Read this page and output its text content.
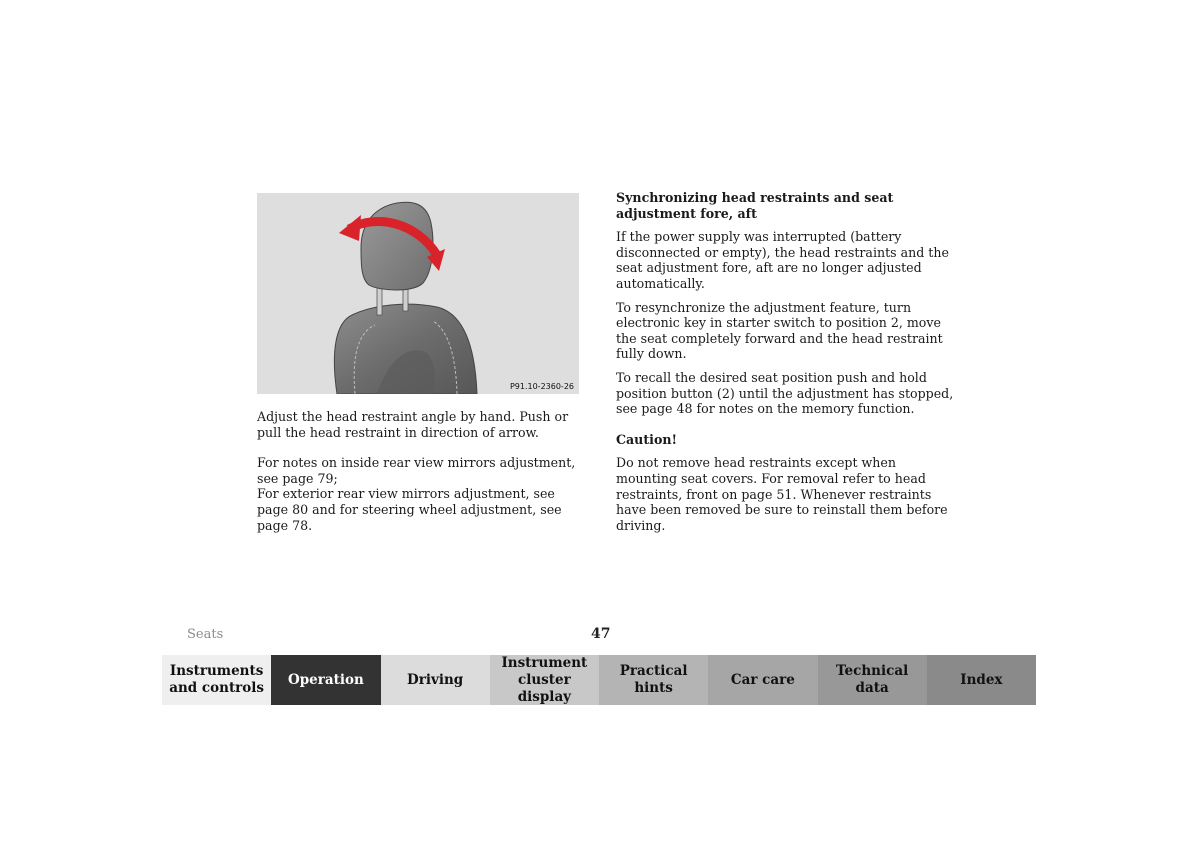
P91.10-2360-26

Adjust the head restraint angle by hand. Push or pull the head restraint in direction of arrow.

For notes on inside rear view mirrors adjustment, see page 79;

For exterior rear view mirrors adjustment, see page 80 and for steering wheel adjustment, see page 78.

Synchronizing head restraints and seat adjustment fore, aft

If the power supply was interrupted (battery disconnected or empty), the head restraints and the seat adjustment fore, aft are no longer adjusted automatically.

To resynchronize the adjustment feature, turn electronic key in starter switch to position 2, move the seat completely forward and the head restraint fully down.

To recall the desired seat position push and hold position button (2) until the adjustment has stopped, see page 48 for notes on the memory function.

Caution!

Do not remove head restraints except when mounting seat covers. For removal refer to head restraints, front on page 51. Whenever restraints have been removed be sure to reinstall them before driving.

Seats	47
Instruments
and controls
Operation	Driving
Instrument
cluster display
Practical hints
Car care
Technical
data
Index
